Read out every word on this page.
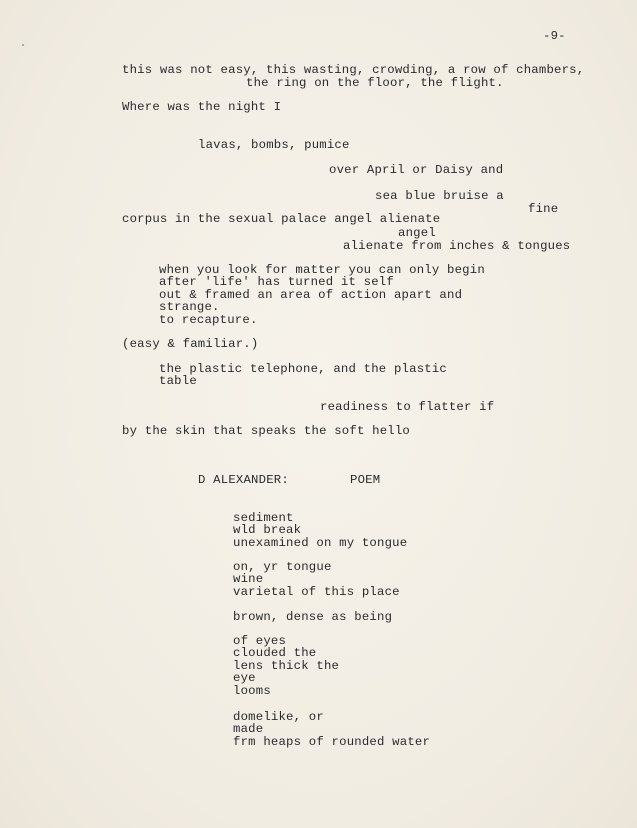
-9-
this was not easy, this wasting, crowding, a row of chambers,
the ring on the floor, the flight.
Where was the night I
lavas, bombs, pumice
over April or Daisy and
sea blue bruise a
fine
corpus in the sexual palace angel alienate
angel
alienate from inches & tongues
when you look for matter you can only begin
after 'life' has turned it self
out & framed an area of action apart and
strange.
to recapture.
(easy & familiar.)
the plastic telephone, and the plastic
table
readiness to flatter if
by the skin that speaks the soft hello
D ALEXANDER:	POEM
sediment
wld break
unexamined on my tongue
on, yr tongue
wine
varietal of this place
brown, dense as being
of eyes
clouded the
lens thick the
eye
looms
domelike, or
made
frm heaps of rounded water
